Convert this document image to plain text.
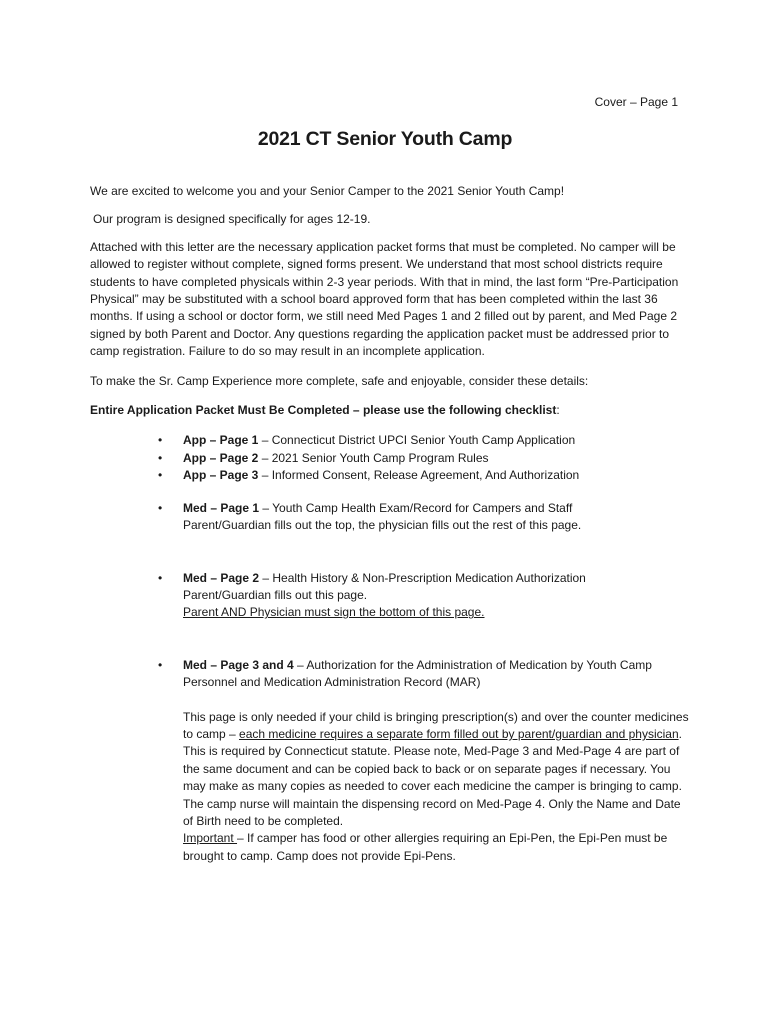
Cover – Page 1
2021 CT Senior Youth Camp

We are excited to welcome you and your Senior Camper to the 2021 Senior Youth Camp!

Our program is designed specifically for ages 12-19.

Attached with this letter are the necessary application packet forms that must be completed. No camper will be allowed to register without complete, signed forms present. We understand that most school districts require students to have completed physicals within 2-3 year periods. With that in mind, the last form “Pre-Participation Physical” may be substituted with a school board approved form that has been completed within the last 36 months. If using a school or doctor form, we still need Med Pages 1 and 2 filled out by parent, and Med Page 2 signed by both Parent and Doctor. Any questions regarding the application packet must be addressed prior to camp registration. Failure to do so may result in an incomplete application.

To make the Sr. Camp Experience more complete, safe and enjoyable, consider these details:

Entire Application Packet Must Be Completed – please use the following checklist:

• App – Page 1 – Connecticut District UPCI Senior Youth Camp Application
• App – Page 2 – 2021 Senior Youth Camp Program Rules
• App – Page 3 – Informed Consent, Release Agreement, And Authorization
• Med – Page 1 – Youth Camp Health Exam/Record for Campers and Staff
Parent/Guardian fills out the top, the physician fills out the rest of this page.
• Med – Page 2 – Health History & Non-Prescription Medication Authorization
Parent/Guardian fills out this page.
Parent AND Physician must sign the bottom of this page.
• Med – Page 3 and 4 – Authorization for the Administration of Medication by Youth Camp Personnel and Medication Administration Record (MAR)
This page is only needed if your child is bringing prescription(s) and over the counter medicines to camp – each medicine requires a separate form filled out by parent/guardian and physician. This is required by Connecticut statute. Please note, Med-Page 3 and Med-Page 4 are part of the same document and can be copied back to back or on separate pages if necessary. You may make as many copies as needed to cover each medicine the camper is bringing to camp. The camp nurse will maintain the dispensing record on Med-Page 4. Only the Name and Date of Birth need to be completed.
Important – If camper has food or other allergies requiring an Epi-Pen, the Epi-Pen must be brought to camp. Camp does not provide Epi-Pens.
